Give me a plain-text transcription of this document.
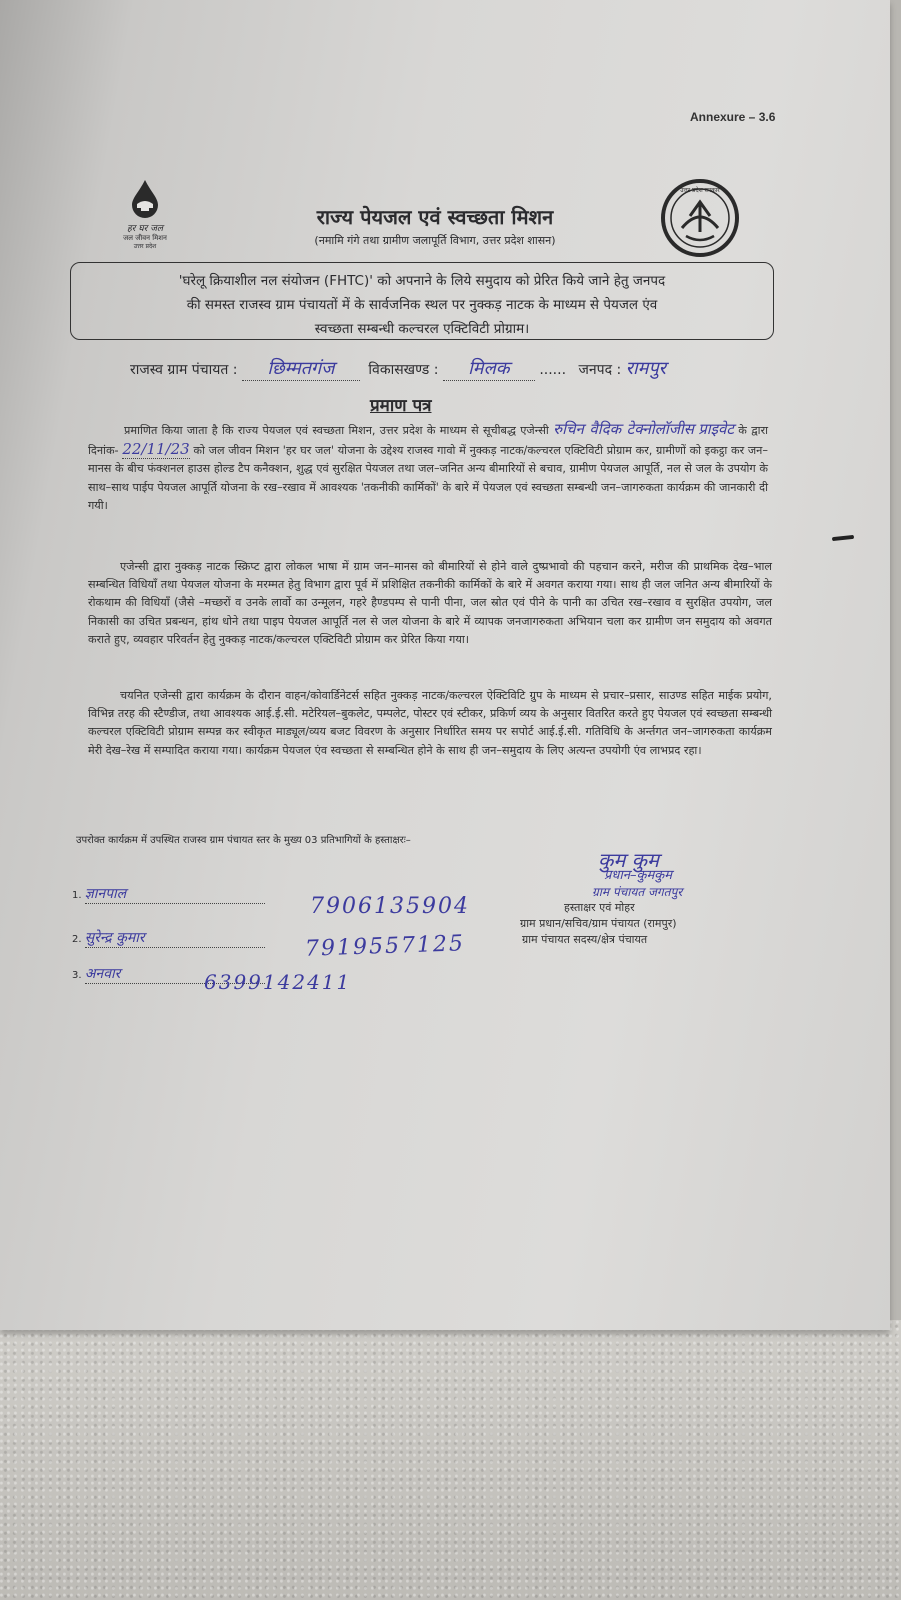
Annexure – 3.6
हर घर जल
जल जीवन मिशन
उत्तर प्रदेश
राज्य पेयजल एवं स्वच्छता मिशन
(नमामि गंगे तथा ग्रामीण जलापूर्ति विभाग, उत्तर प्रदेश शासन)
उत्तर प्रदेश सरकार
'घरेलू क्रियाशील नल संयोजन (FHTC)' को अपनाने के लिये समुदाय को प्रेरित किये जाने हेतु जनपद
की समस्त राजस्व ग्राम पंचायतों में के सार्वजनिक स्थल पर नुक्कड़ नाटक के माध्यम से पेयजल एंव
स्वच्छता सम्बन्धी कल्चरल एक्टिविटी प्रोग्राम।
राजस्व ग्राम पंचायत : छिम्मतगंज विकासखण्ड : मिलक ...... जनपद : रामपुर
प्रमाण पत्र
प्रमाणित किया जाता है कि राज्य पेयजल एवं स्वच्छता मिशन, उत्तर प्रदेश के माध्यम से सूचीबद्ध एजेन्सी रुचिन वैदिक टेक्नोलॉजीस प्राइवेट के द्वारा दिनांक- 22/11/23 को जल जीवन मिशन 'हर घर जल' योजना के उद्देश्य राजस्व गावो में नुक्कड़ नाटक/कल्चरल एक्टिविटी प्रोग्राम कर, ग्रामीणों को इकट्ठा कर जन–मानस के बीच फंक्शनल हाउस होल्ड टैप कनैक्शन, शुद्ध एवं सुरक्षित पेयजल तथा जल–जनित अन्य बीमारियों से बचाव, ग्रामीण पेयजल आपूर्ति, नल से जल के उपयोग के साथ–साथ पाईप पेयजल आपूर्ति योजना के रख–रखाव में आवश्यक 'तकनीकी कार्मिकों' के बारे में पेयजल एवं स्वच्छता सम्बन्धी जन–जागरुकता कार्यक्रम की जानकारी दी गयी।
एजेन्सी द्वारा नुक्कड़ नाटक स्क्रिप्ट द्वारा लोकल भाषा में ग्राम जन–मानस को बीमारियों से होने वाले दुष्प्रभावो की पहचान करने, मरीज की प्राथमिक देख–भाल सम्बन्धित विधियाँ तथा पेयजल योजना के मरम्मत हेतु विभाग द्वारा पूर्व में प्रशिक्षित तकनीकी कार्मिकों के बारे में अवगत कराया गया। साथ ही जल जनित अन्य बीमारियों के रोकथाम की विधियाँ (जैसे –मच्छरों व उनके लार्वो का उन्मूलन, गहरे हैण्डपम्प से पानी पीना, जल स्रोत एवं पीने के पानी का उचित रख–रखाव व सुरक्षित उपयोग, जल निकासी का उचित प्रबन्धन, हांथ धोने तथा पाइप पेयजल आपूर्ति नल से जल योजना के बारे में व्यापक जनजागरुकता अभियान चला कर ग्रामीण जन समुदाय को अवगत कराते हुए, व्यवहार परिवर्तन हेतु नुक्कड़ नाटक/कल्चरल एक्टिविटी प्रोग्राम कर प्रेरित किया गया।
चयनित एजेन्सी द्वारा कार्यक्रम के दौरान वाहन/कोवार्डिनेटर्स सहित नुक्कड़ नाटक/कल्चरल ऐक्टिविटि ग्रुप के माध्यम से प्रचार–प्रसार, साउण्ड सहित माईक प्रयोग, विभिन्न तरह की स्टैण्डीज, तथा आवश्यक आई.ई.सी. मटेरियल–बुकलेट, पम्पलेट, पोस्टर एवं स्टीकर, प्रकिर्ण व्यय के अनुसार वितरित करते हुए पेयजल एवं स्वच्छता सम्बन्धी कल्चरल एक्टिविटी प्रोग्राम सम्पन्न कर स्वीकृत माड्यूल/व्यय बजट विवरण के अनुसार निर्धारित समय पर सपोर्ट आई.ई.सी. गतिविधि के अर्न्तगत जन–जागरुकता कार्यक्रम मेरी देख–रेख में सम्पादित कराया गया। कार्यक्रम पेयजल एंव स्वच्छता से सम्बन्धित होने के साथ ही जन–समुदाय के लिए अत्यन्त उपयोगी एंव लाभप्रद रहा।
उपरोक्त कार्यक्रम में उपस्थित राजस्व ग्राम पंचायत स्तर के मुख्य 03 प्रतिभागियों के हस्ताक्षरः–
1. ज्ञानपाल	7906135904
2. सुरेन्द्र कुमार	7919557125
3. अनवार	6399142411
कुम कुम
प्रधान–कुमकुम
ग्राम पंचायत जगतपुर
हस्ताक्षर एवं मोहर
ग्राम प्रधान/सचिव/ग्राम पंचायत (रामपुर)
ग्राम पंचायत सदस्य/क्षेत्र पंचायत
